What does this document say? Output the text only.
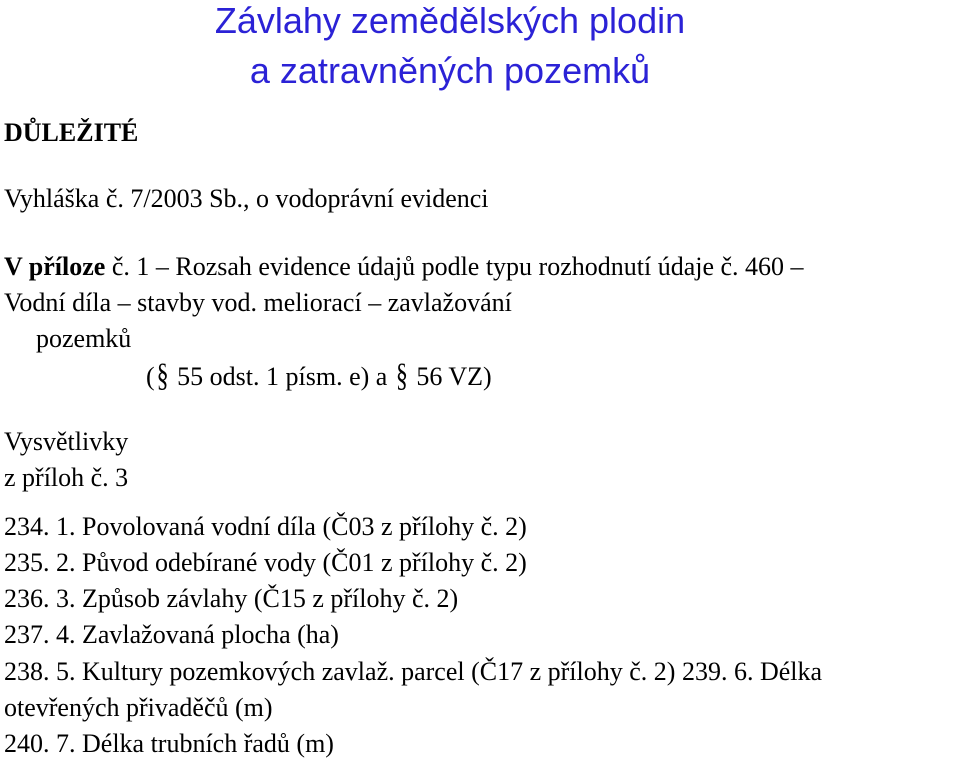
Závlahy zemědělských plodin
a zatravněných pozemků
DŮLEŽITÉ
Vyhláška č. 7/2003 Sb., o vodoprávní evidenci
V příloze č. 1 – Rozsah evidence údajů podle typu rozhodnutí údaje č. 460 –
Vodní díla – stavby vod. meliorací – zavlažování
pozemků
(§ 55 odst. 1 písm. e) a § 56 VZ)
Vysvětlivky
z příloh č. 3
234. 1. Povolovaná vodní díla (Č03 z přílohy č. 2)
235. 2. Původ odebírané vody (Č01 z přílohy č. 2)
236. 3. Způsob závlahy (Č15 z přílohy č. 2)
237. 4. Zavlažovaná plocha (ha)
238. 5. Kultury pozemkových zavlaž. parcel (Č17 z přílohy č. 2) 239. 6. Délka
otevřených přivaděčů (m)
240. 7. Délka trubních řadů (m)
